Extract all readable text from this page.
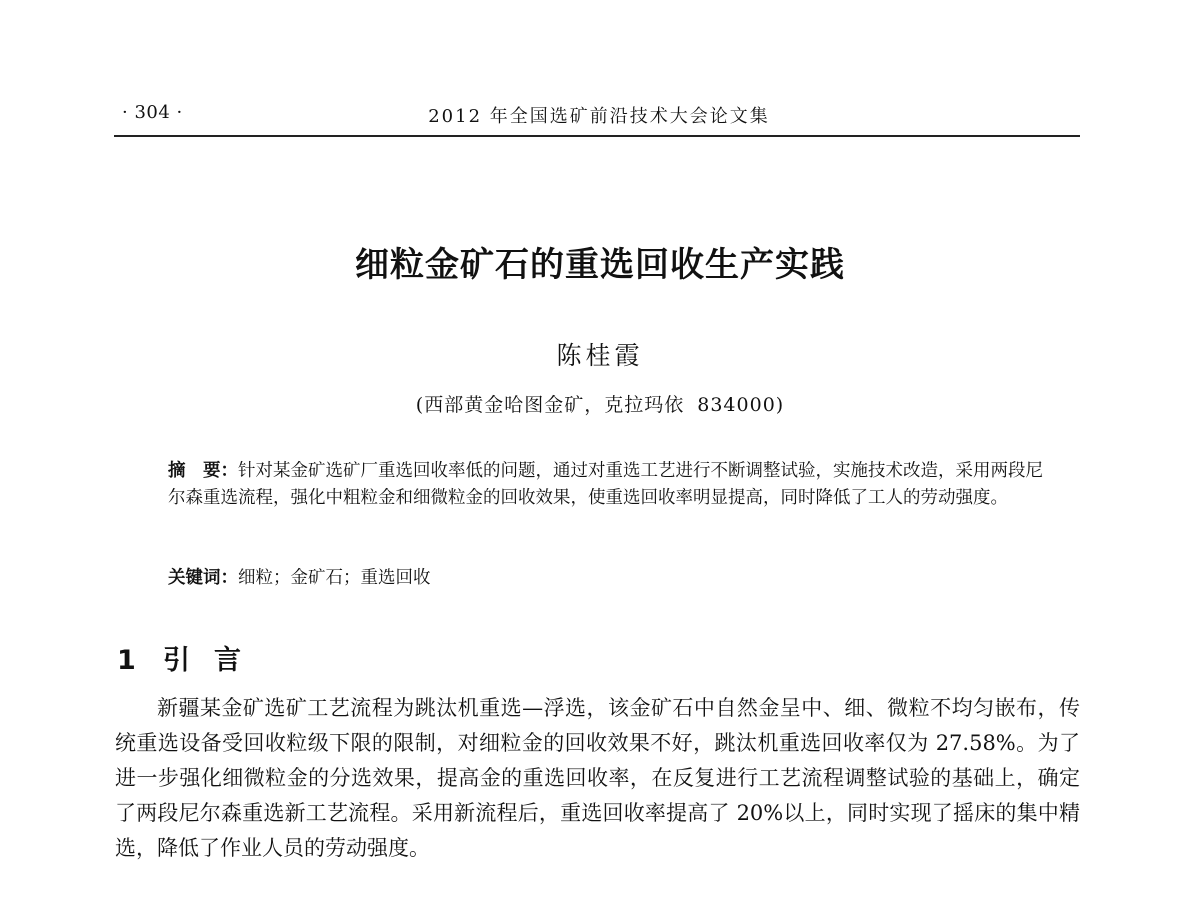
· 304 ·	2012 年全国选矿前沿技术大会论文集
细粒金矿石的重选回收生产实践
陈桂霞
(西部黄金哈图金矿，克拉玛依 834000)
摘　要：针对某金矿选矿厂重选回收率低的问题，通过对重选工艺进行不断调整试验，实施技术改造，采用两段尼尔森重选流程，强化中粗粒金和细微粒金的回收效果，使重选回收率明显提高，同时降低了工人的劳动强度。
关键词：细粒；金矿石；重选回收
1 引言

新疆某金矿选矿工艺流程为跳汰机重选—浮选，该金矿石中自然金呈中、细、微粒不均匀嵌布，传统重选设备受回收粒级下限的限制，对细粒金的回收效果不好，跳汰机重选回收率仅为 27.58%。为了进一步强化细微粒金的分选效果，提高金的重选回收率，在反复进行工艺流程调整试验的基础上，确定了两段尼尔森重选新工艺流程。采用新流程后，重选回收率提高了 20%以上，同时实现了摇床的集中精选，降低了作业人员的劳动强度。
